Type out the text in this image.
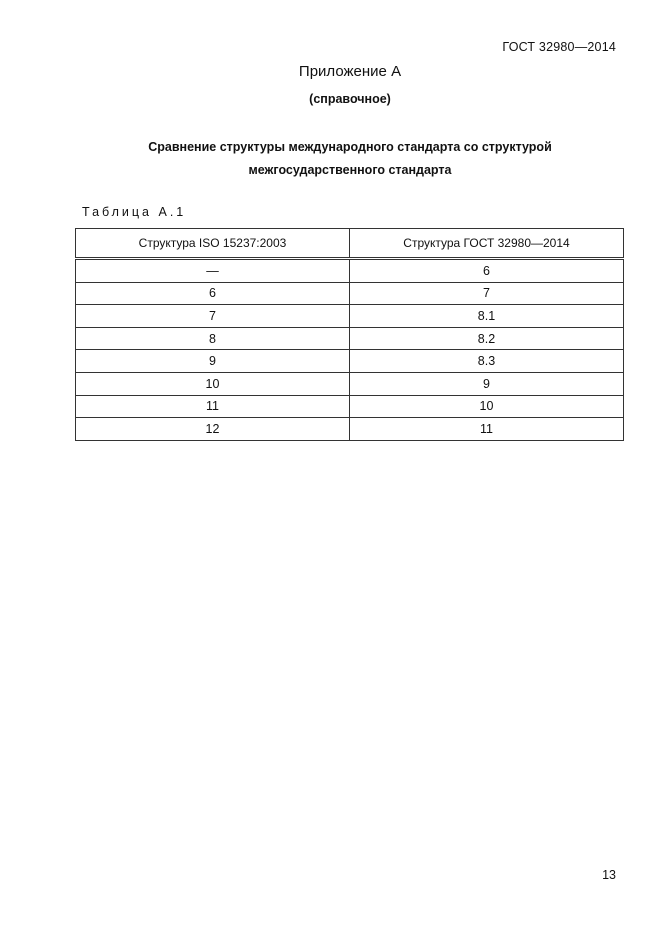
ГОСТ 32980—2014
Приложение А
(справочное)
Сравнение структуры международного стандарта со структурой
межгосударственного стандарта
Таблица А.1
Структура ISO 15237:2003	Структура ГОСТ 32980—2014
—	6
6	7
7	8.1
8	8.2
9	8.3
10	9
11	10
12	11
13
